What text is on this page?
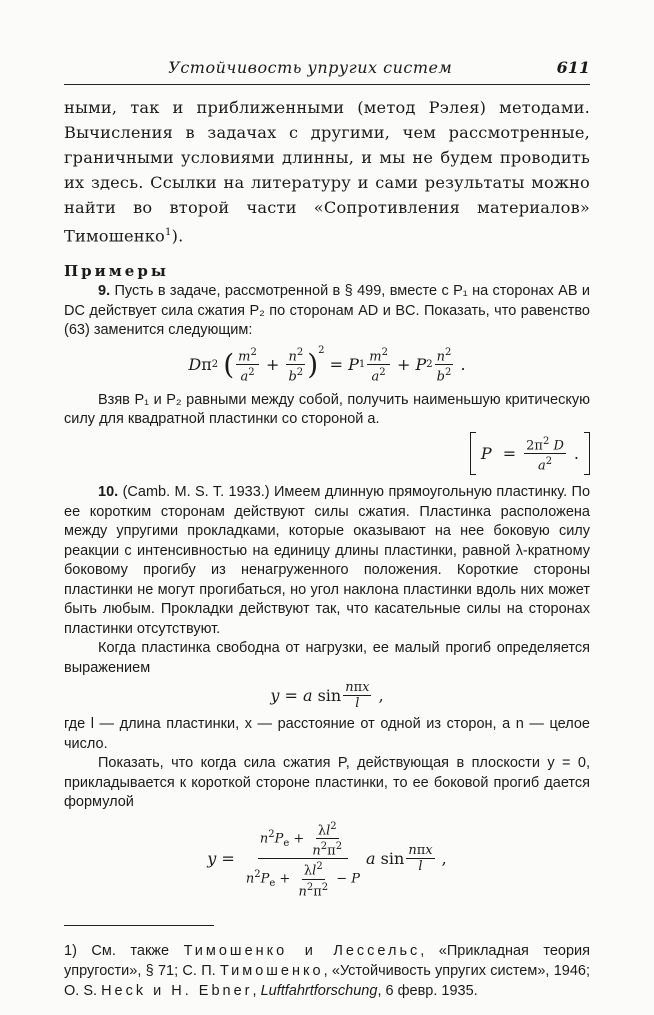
Устойчивость упругих систем	611

ными, так и приближенными (метод Рэлея) методами. Вычисления в задачах с другими, чем рассмотренные, граничными условиями длинны, и мы не будем проводить их здесь. Ссылки на литературу и сами результаты можно найти во второй части «Сопротивления материалов» Тимошенко$^1$).

Примеры

9. Пусть в задаче, рассмотренной в § 499, вместе с P₁ на сторонах AB и DC действует сила сжатия P₂ по сторонам AD и BC. Показать, что равенство (63) заменится следующим:

D π 2
( $\frac{m^2}{a^2} + \frac{n^2}{b^2} )^2$
= P $1 \frac{m^2}{a^2} + P$ $2 \frac{n^2}{b^2}$ .

Взяв P₁ и P₂ равными между собой, получить наименьшую критическую силу для квадратной пластинки со стороной a.

$P = \frac{2\pi^2 D}{a^2}$ .

10. (Camb. M. S. T. 1933.) Имеем длинную прямоугольную пластинку. По ее коротким сторонам действуют силы сжатия. Пластинка расположена между упругими прокладками, которые оказывают на нее боковую силу реакции с интенсивностью на единицу длины пластинки, равной λ-кратному боковому прогибу из ненагруженного положения. Короткие стороны пластинки не могут прогибаться, но угол наклона пластинки вдоль них может быть любым. Прокладки действуют так, что касательные силы на сторонах пластинки отсутствуют.

Когда пластинка свободна от нагрузки, ее малый прогиб определяется выражением

y = a $\sin \frac{\text{nπx}}{l}$ ,

где l — длина пластинки, x — расстояние от одной из сторон, a n — целое число.

Показать, что когда сила сжатия P, действующая в плоскости y = 0, прикладывается к короткой стороне пластинки, то ее боковой прогиб дается формулой

$y = \frac{n^2P_e + \frac{\lambda l^2}{n^2\pi^2}}{n^2P_e + \frac{\lambda l^2}{n^2\pi^2} - P}$ a $\sin \frac{\text{nπx}}{l}$ ,

1) См. также Тимошенко и Лессельс, «Прикладная теория упругости», § 71; С. П. Тимошенко, «Устойчивость упругих систем», 1946; O. S. Heck и H. Ebner, Luftfahrtforschung, 6 февр. 1935.
